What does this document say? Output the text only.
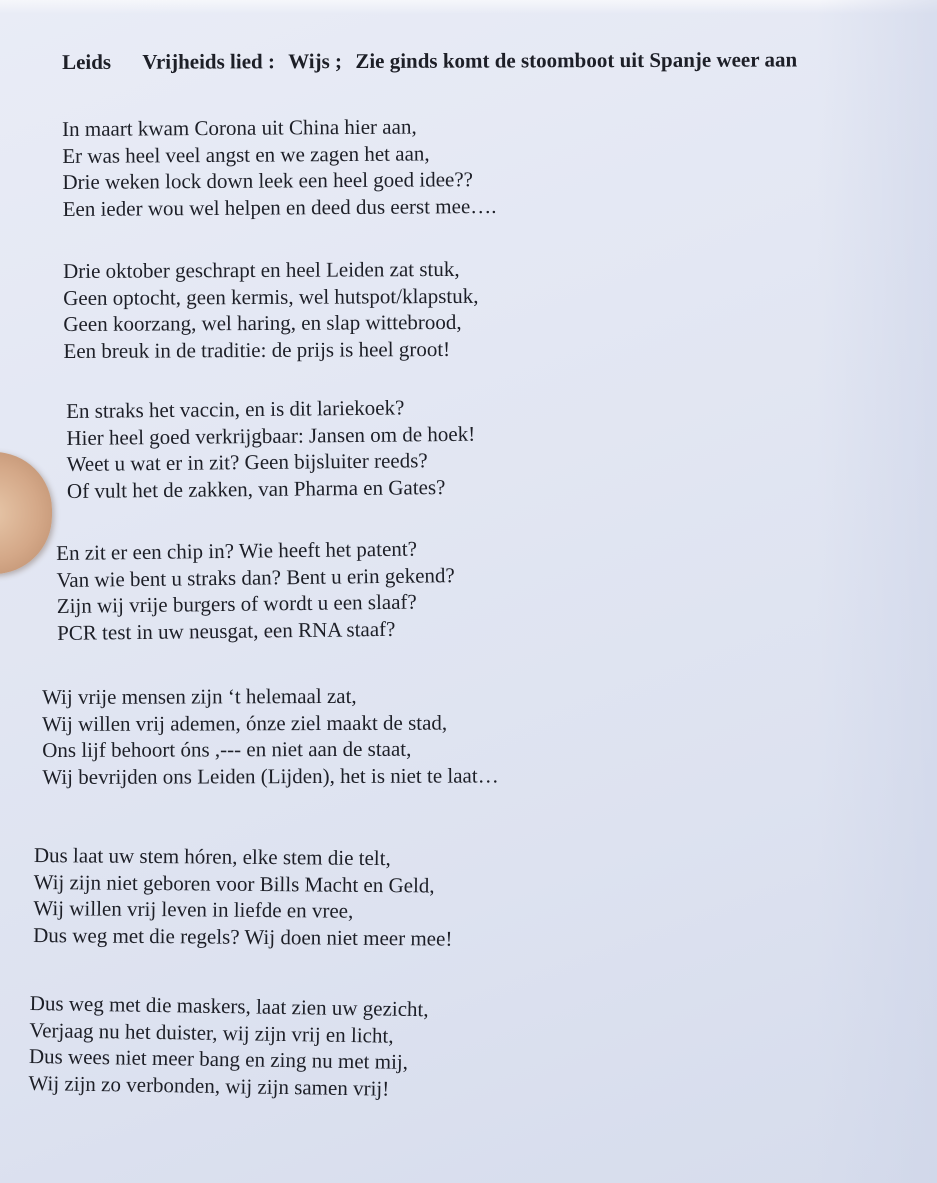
Leids Vrijheids lied : Wijs ; Zie ginds komt de stoomboot uit Spanje weer aan
In maart kwam Corona uit China hier aan,
Er was heel veel angst en we zagen het aan,
Drie weken lock down leek een heel goed idee??
Een ieder wou wel helpen en deed dus eerst mee….
Drie oktober geschrapt en heel Leiden zat stuk,
Geen optocht, geen kermis, wel hutspot/klapstuk,
Geen koorzang, wel haring, en slap wittebrood,
Een breuk in de traditie: de prijs is heel groot!
En straks het vaccin, en is dit lariekoek?
Hier heel goed verkrijgbaar: Jansen om de hoek!
Weet u wat er in zit? Geen bijsluiter reeds?
Of vult het de zakken, van Pharma en Gates?
En zit er een chip in? Wie heeft het patent?
Van wie bent u straks dan? Bent u erin gekend?
Zijn wij vrije burgers of wordt u een slaaf?
PCR test in uw neusgat, een RNA staaf?
Wij vrije mensen zijn ‘t helemaal zat,
Wij willen vrij ademen, ónze ziel maakt de stad,
Ons lijf behoort óns ,--- en niet aan de staat,
Wij bevrijden ons Leiden (Lijden), het is niet te laat…
Dus laat uw stem hóren, elke stem die telt,
Wij zijn niet geboren voor Bills Macht en Geld,
Wij willen vrij leven in liefde en vree,
Dus weg met die regels? Wij doen niet meer mee!
Dus weg met die maskers, laat zien uw gezicht,
Verjaag nu het duister, wij zijn vrij en licht,
Dus wees niet meer bang en zing nu met mij,
Wij zijn zo verbonden, wij zijn samen vrij!
